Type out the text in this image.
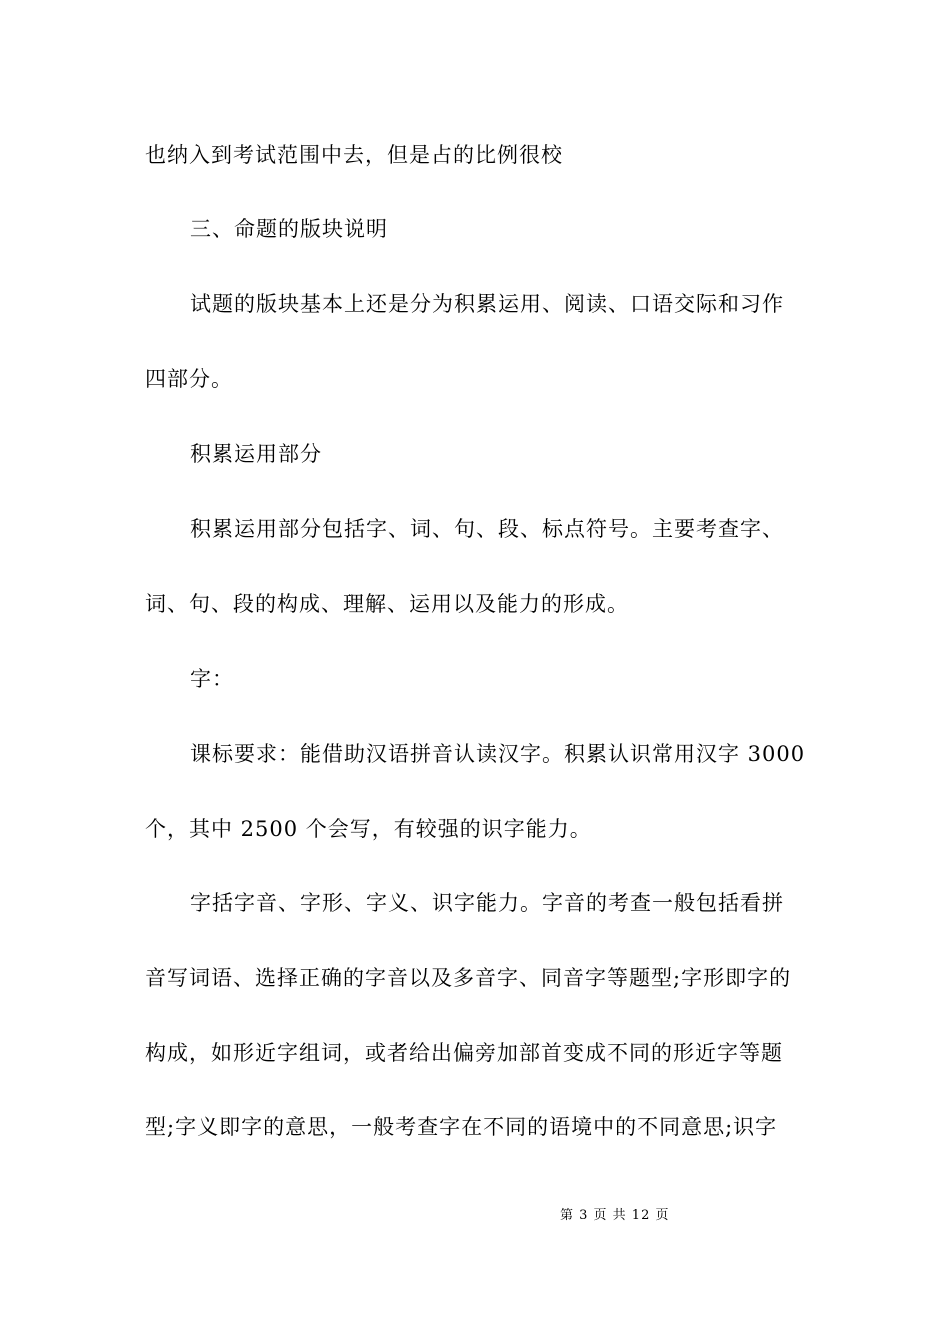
也纳入到考试范围中去，但是占的比例很校
三、命题的版块说明
试题的版块基本上还是分为积累运用、阅读、口语交际和习作
四部分。
积累运用部分
积累运用部分包括字、词、句、段、标点符号。主要考查字、
词、句、段的构成、理解、运用以及能力的形成。
字：
课标要求：能借助汉语拼音认读汉字。积累认识常用汉字 3000
个，其中 2500 个会写，有较强的识字能力。
字括字音、字形、字义、识字能力。字音的考查一般包括看拼
音写词语、选择正确的字音以及多音字、同音字等题型;字形即字的
构成，如形近字组词，或者给出偏旁加部首变成不同的形近字等题
型;字义即字的意思，一般考查字在不同的语境中的不同意思;识字
第 3 页 共 12 页
